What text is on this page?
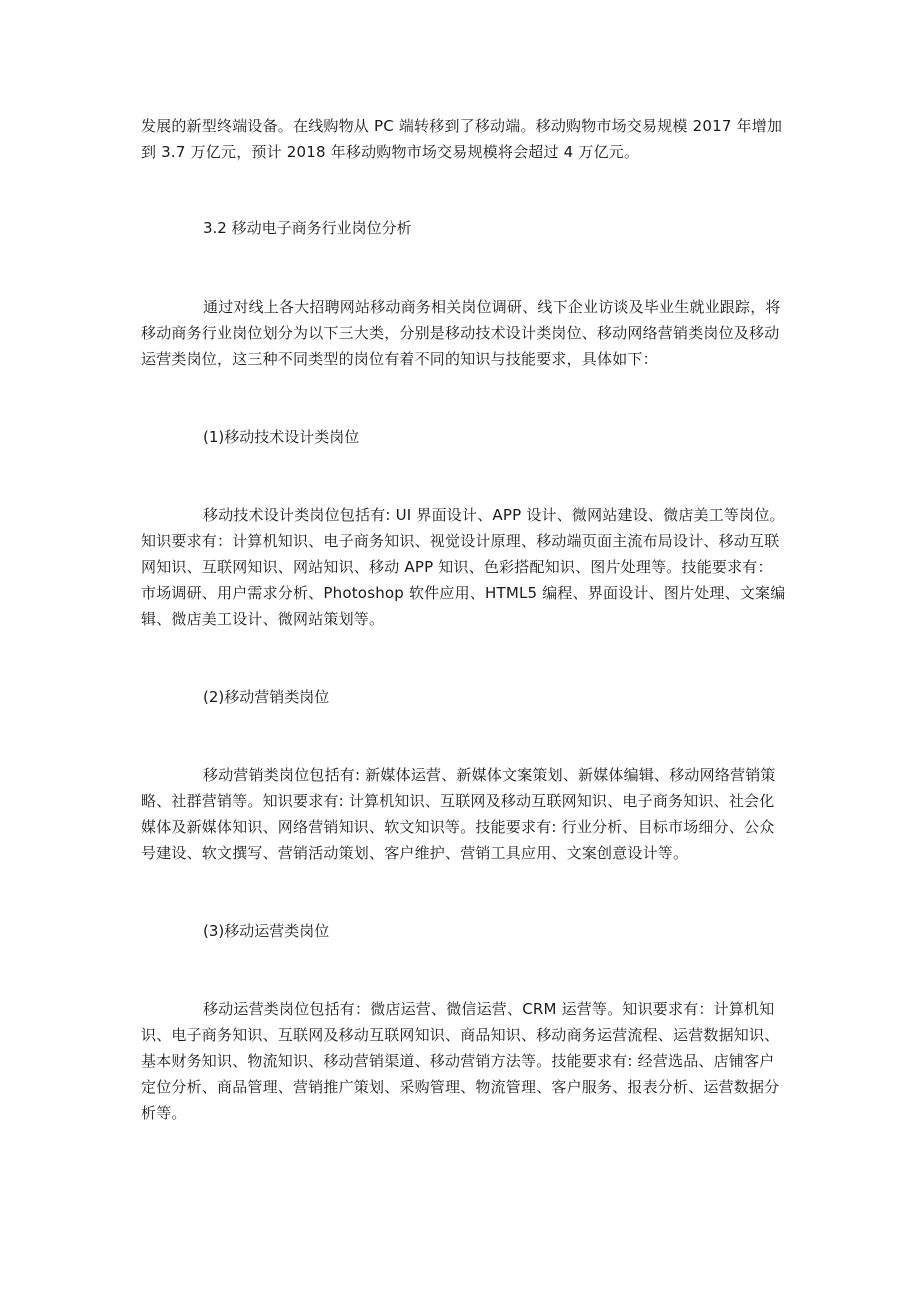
发展的新型终端设备。在线购物从 PC 端转移到了移动端。移动购物市场交易规模 2017 年增加到 3.7 万亿元，预计 2018 年移动购物市场交易规模将会超过 4 万亿元。

3.2 移动电子商务行业岗位分析

通过对线上各大招聘网站移动商务相关岗位调研、线下企业访谈及毕业生就业跟踪，将移动商务行业岗位划分为以下三大类，分别是移动技术设计类岗位、移动网络营销类岗位及移动运营类岗位，这三种不同类型的岗位有着不同的知识与技能要求，具体如下：

(1)移动技术设计类岗位

移动技术设计类岗位包括有: UI 界面设计、APP 设计、微网站建设、微店美工等岗位。知识要求有：计算机知识、电子商务知识、视觉设计原理、移动端页面主流布局设计、移动互联网知识、互联网知识、网站知识、移动 APP 知识、色彩搭配知识、图片处理等。技能要求有：市场调研、用户需求分析、Photoshop 软件应用、HTML5 编程、界面设计、图片处理、文案编辑、微店美工设计、微网站策划等。

(2)移动营销类岗位

移动营销类岗位包括有: 新媒体运营、新媒体文案策划、新媒体编辑、移动网络营销策略、社群营销等。知识要求有: 计算机知识、互联网及移动互联网知识、电子商务知识、社会化媒体及新媒体知识、网络营销知识、软文知识等。技能要求有: 行业分析、目标市场细分、公众号建设、软文撰写、营销活动策划、客户维护、营销工具应用、文案创意设计等。

(3)移动运营类岗位

移动运营类岗位包括有：微店运营、微信运营、CRM 运营等。知识要求有：计算机知识、电子商务知识、互联网及移动互联网知识、商品知识、移动商务运营流程、运营数据知识、基本财务知识、物流知识、移动营销渠道、移动营销方法等。技能要求有: 经营选品、店铺客户定位分析、商品管理、营销推广策划、采购管理、物流管理、客户服务、报表分析、运营数据分析等。
